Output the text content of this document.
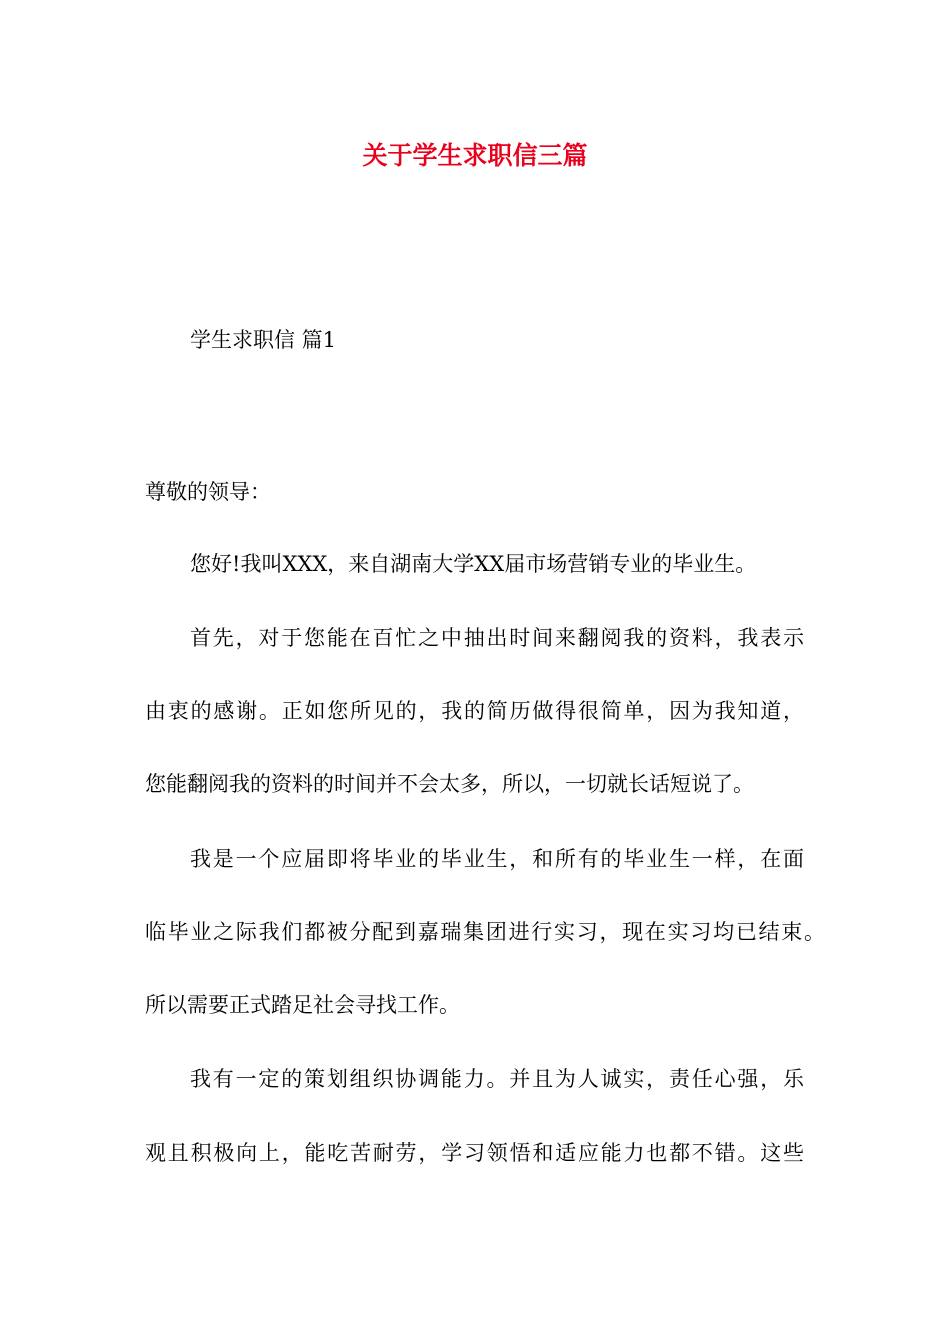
关于学生求职信三篇
学生求职信 篇1
尊敬的领导：
您好!我叫XXX，来自湖南大学XX届市场营销专业的毕业生。
首先，对于您能在百忙之中抽出时间来翻阅我的资料，我表示
由衷的感谢。正如您所见的，我的简历做得很简单，因为我知道，
您能翻阅我的资料的时间并不会太多，所以，一切就长话短说了。
我是一个应届即将毕业的毕业生，和所有的毕业生一样，在面
临毕业之际我们都被分配到嘉瑞集团进行实习，现在实习均已结束。
所以需要正式踏足社会寻找工作。
我有一定的策划组织协调能力。并且为人诚实，责任心强，乐
观且积极向上，能吃苦耐劳，学习领悟和适应能力也都不错。这些
